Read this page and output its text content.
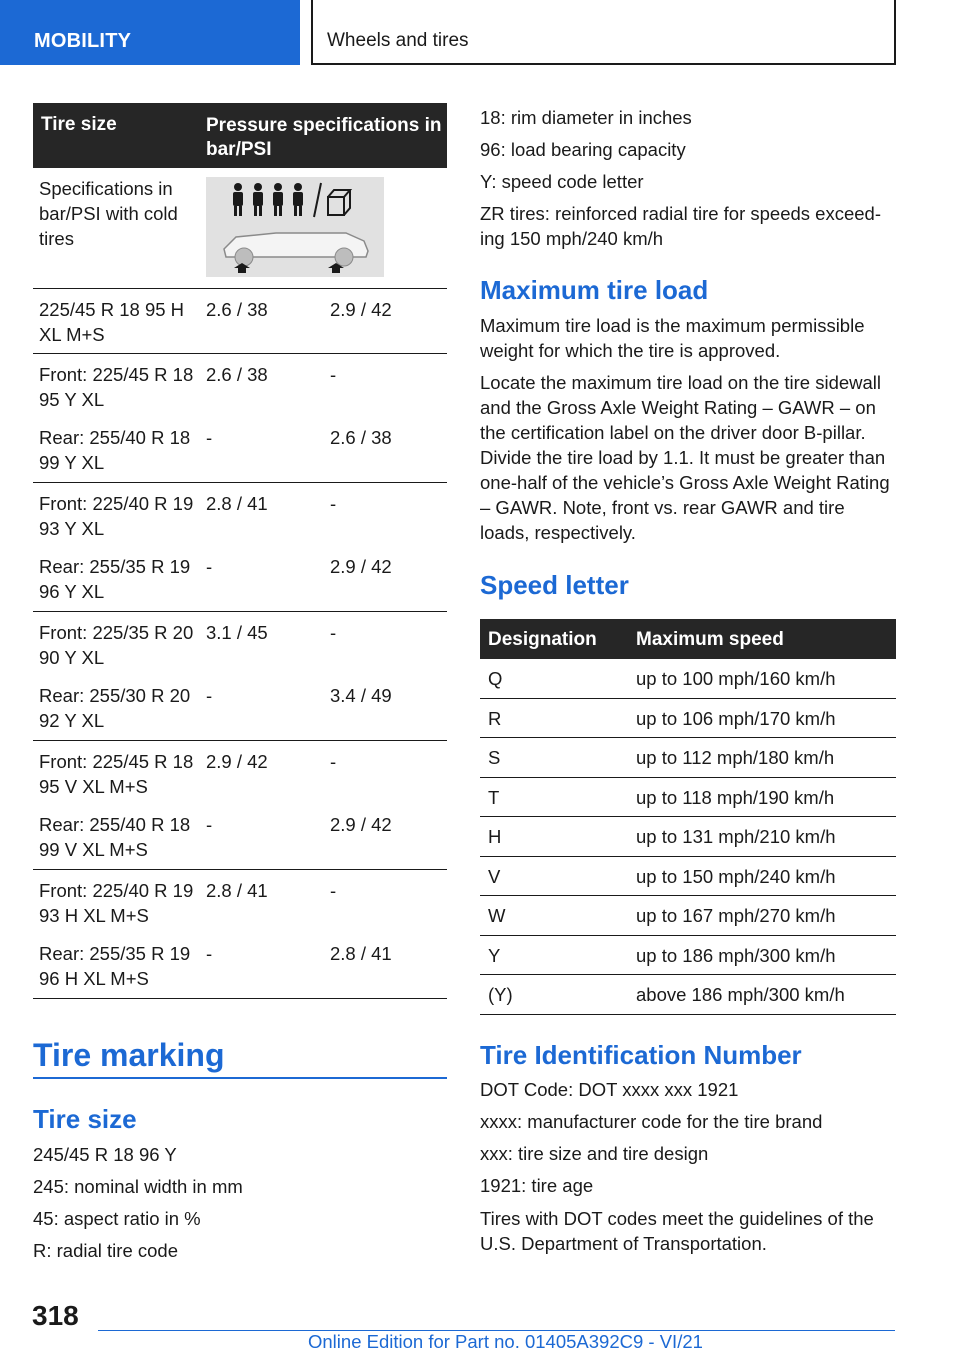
MOBILITY	Wheels and tires
Tire size	Pressure specifications in bar/PSI
Specifications in bar/PSI with cold tires
225/45 R 18 95 H XL M+S
2.6 / 38	2.9 / 42
Front: 225/45 R 18 95 Y XL
2.6 / 38	-
Rear: 255/40 R 18 99 Y XL
-	2.6 / 38
Front: 225/40 R 19 93 Y XL
2.8 / 41	-
Rear: 255/35 R 19 96 Y XL
-	2.9 / 42
Front: 225/35 R 20 90 Y XL
3.1 / 45	-
Rear: 255/30 R 20 92 Y XL
-	3.4 / 49
Front: 225/45 R 18 95 V XL M+S
2.9 / 42	-
Rear: 255/40 R 18 99 V XL M+S
-	2.9 / 42
Front: 225/40 R 19 93 H XL M+S
2.8 / 41	-
Rear: 255/35 R 19 96 H XL M+S
-	2.8 / 41
Tire marking
Tire size
245/45 R 18 96 Y
245: nominal width in mm
45: aspect ratio in %
R: radial tire code
18: rim diameter in inches
96: load bearing capacity
Y: speed code letter
ZR tires: reinforced radial tire for speeds exceed-ing 150 mph/240 km/h
Maximum tire load
Maximum tire load is the maximum permissible weight for which the tire is approved.
Locate the maximum tire load on the tire sidewall and the Gross Axle Weight Rating – GAWR – on the certification label on the driver door B-pillar. Divide the tire load by 1.1. It must be greater than one-half of the vehicle’s Gross Axle Weight Rating – GAWR. Note, front vs. rear GAWR and tire loads, respectively.
Speed letter
Designation Maximum speed
Q	up to 100 mph/160 km/h
R	up to 106 mph/170 km/h
S	up to 112 mph/180 km/h
T	up to 118 mph/190 km/h
H	up to 131 mph/210 km/h
V	up to 150 mph/240 km/h
W	up to 167 mph/270 km/h
Y	up to 186 mph/300 km/h
(Y)	above 186 mph/300 km/h
Tire Identification Number
DOT Code: DOT xxxx xxx 1921
xxxx: manufacturer code for the tire brand
xxx: tire size and tire design
1921: tire age
Tires with DOT codes meet the guidelines of the U.S. Department of Transportation.
318
Online Edition for Part no. 01405A392C9 - VI/21
